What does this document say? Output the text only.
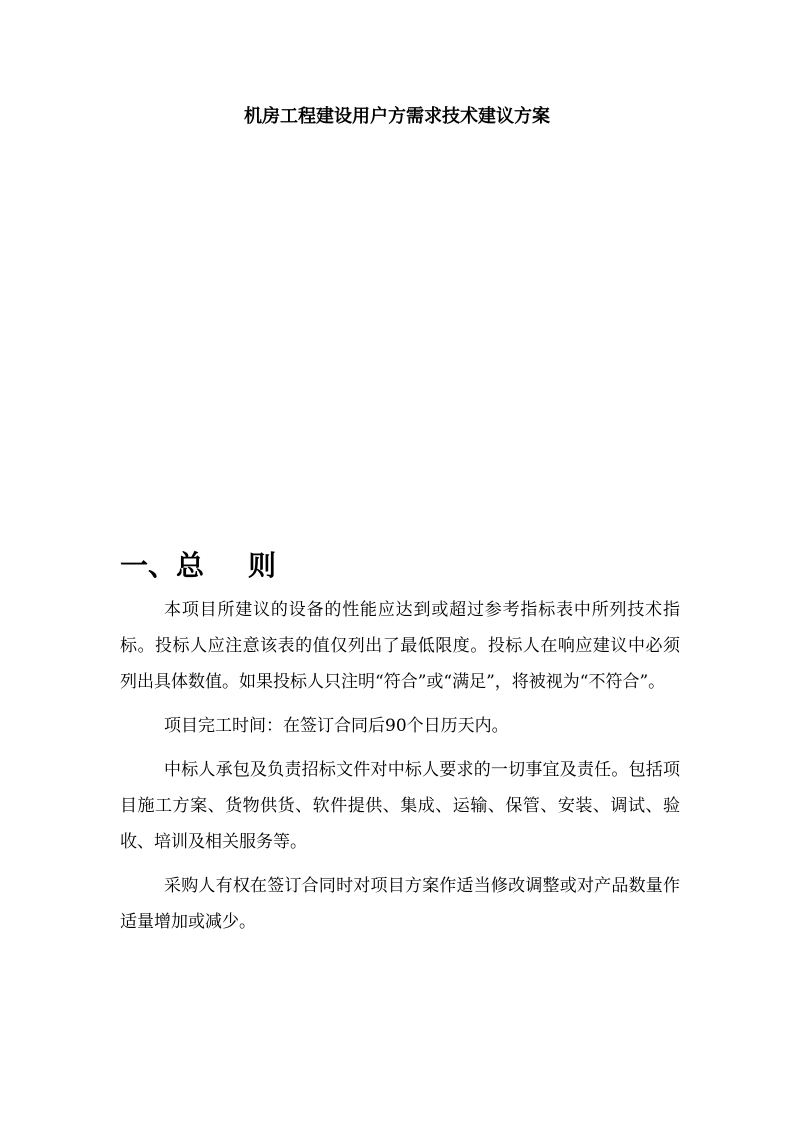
机房工程建设用户方需求技术建议方案
一、总 则

本项目所建议的设备的性能应达到或超过参考指标表中所列技术指标。投标人应注意该表的值仅列出了最低限度。投标人在响应建议中必须列出具体数值。如果投标人只注明“符合”或“满足”，将被视为“不符合”。

项目完工时间：在签订合同后90个日历天内。

中标人承包及负责招标文件对中标人要求的一切事宜及责任。包括项目施工方案、货物供货、软件提供、集成、运输、保管、安装、调试、验收、培训及相关服务等。

采购人有权在签订合同时对项目方案作适当修改调整或对产品数量作适量增加或减少。
